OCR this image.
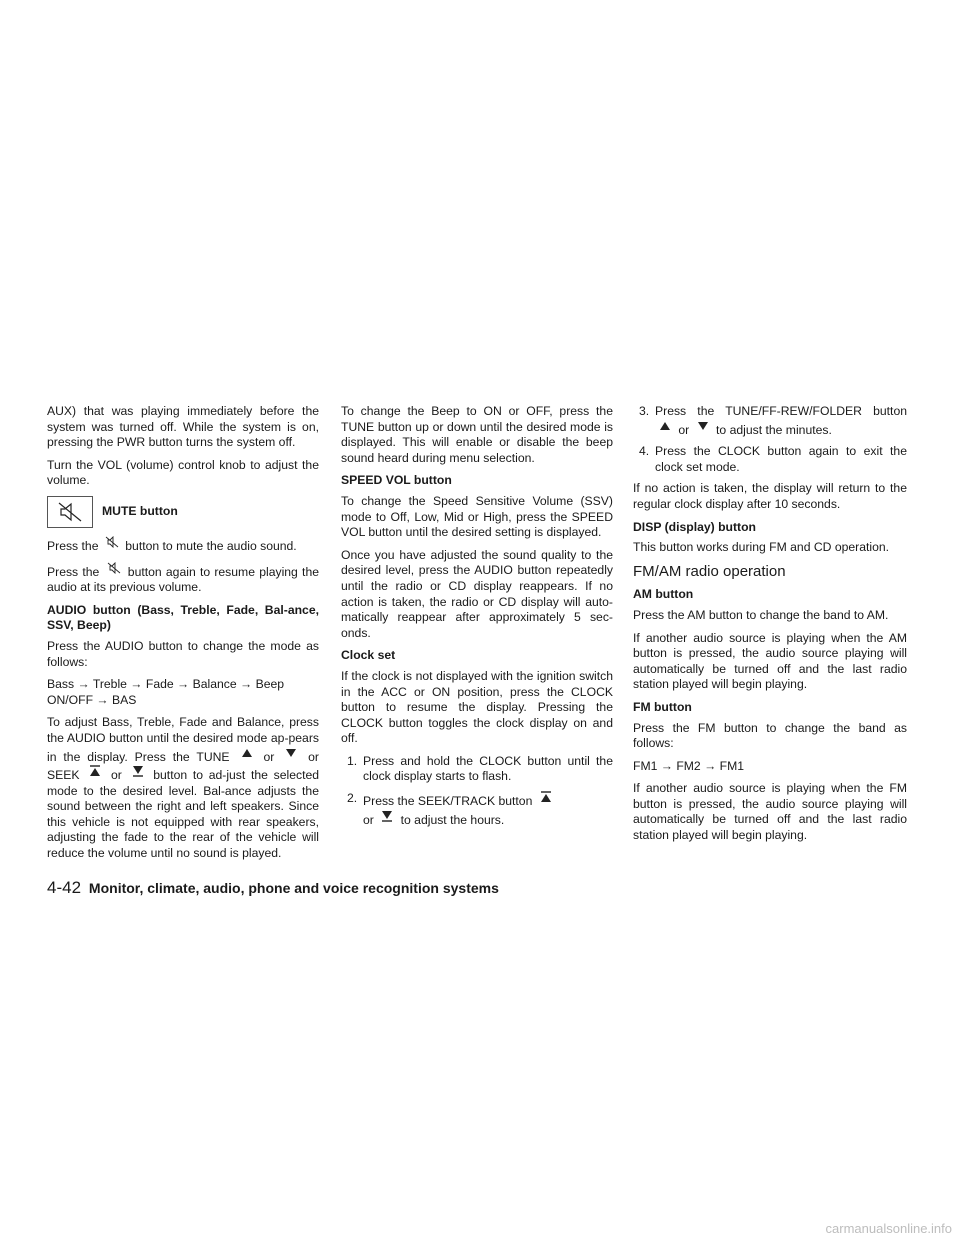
AUX) that was playing immediately before the system was turned off. While the system is on, pressing the PWR button turns the system off.

Turn the VOL (volume) control knob to adjust the volume.

MUTE button

Press the button to mute the audio sound.

Press the button again to resume playing the audio at its previous volume.

AUDIO button (Bass, Treble, Fade, Bal-ance, SSV, Beep)

Press the AUDIO button to change the mode as follows:

Bass → Treble → Fade → Balance → Beep ON/OFF → BAS

To adjust Bass, Treble, Fade and Balance, press the AUDIO button until the desired mode ap-pears in the display. Press the TUNE	or	or SEEK	or	button to ad-just the selected mode to the desired level. Bal-ance adjusts the sound between the right and left speakers. Since this vehicle is not equipped with rear speakers, adjusting the fade to the rear of the vehicle will reduce the volume until no sound is played.

To change the Beep to ON or OFF, press the TUNE button up or down until the desired mode is displayed. This will enable or disable the beep sound heard during menu selection.

SPEED VOL button

To change the Speed Sensitive Volume (SSV) mode to Off, Low, Mid or High, press the SPEED VOL button until the desired setting is displayed.

Once you have adjusted the sound quality to the desired level, press the AUDIO button repeatedly until the radio or CD display reappears. If no action is taken, the radio or CD display will auto-matically reappear after approximately 5 sec-onds.

Clock set

If the clock is not displayed with the ignition switch in the ACC or ON position, press the CLOCK button to resume the display. Pressing the CLOCK button toggles the clock display on and off.

1. Press and hold the CLOCK button until the clock display starts to flash.
2. Press the SEEK/TRACK button
or to adjust the hours.
3. Press the TUNE/FF-REW/FOLDER button  or to adjust the minutes.
4. Press the CLOCK button again to exit the clock set mode.

If no action is taken, the display will return to the regular clock display after 10 seconds.

DISP (display) button

This button works during FM and CD operation.

FM/AM radio operation

AM button

Press the AM button to change the band to AM.

If another audio source is playing when the AM button is pressed, the audio source playing will automatically be turned off and the last radio station played will begin playing.

FM button

Press the FM button to change the band as follows:

FM1 → FM2 → FM1

If another audio source is playing when the FM button is pressed, the audio source playing will automatically be turned off and the last radio station played will begin playing.

4-42 Monitor, climate, audio, phone and voice recognition systems
carmanualsonline.info
